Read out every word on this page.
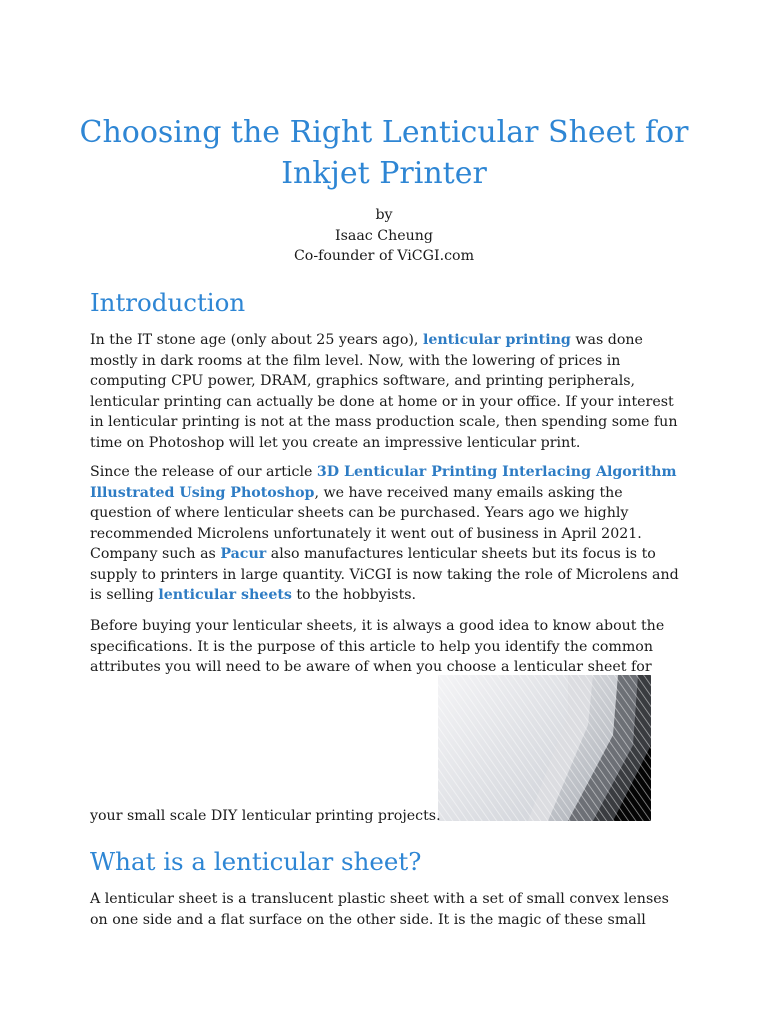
Choosing the Right Lenticular Sheet for Inkjet Printer
by
Isaac Cheung
Co-founder of ViCGI.com
Introduction

In the IT stone age (only about 25 years ago), lenticular printing was done mostly in dark rooms at the film level. Now, with the lowering of prices in computing CPU power, DRAM, graphics software, and printing peripherals, lenticular printing can actually be done at home or in your office. If your interest in lenticular printing is not at the mass production scale, then spending some fun time on Photoshop will let you create an impressive lenticular print.

Since the release of our article 3D Lenticular Printing Interlacing Algorithm Illustrated Using Photoshop, we have received many emails asking the question of where lenticular sheets can be purchased. Years ago we highly recommended Microlens unfortunately it went out of business in April 2021. Company such as Pacur also manufactures lenticular sheets but its focus is to supply to printers in large quantity. ViCGI is now taking the role of Microlens and is selling lenticular sheets to the hobbyists.

Before buying your lenticular sheets, it is always a good idea to know about the specifications. It is the purpose of this article to help you identify the common attributes you will need to be aware of when you choose a lenticular sheet for

your small scale DIY lenticular printing projects.

What is a lenticular sheet?

A lenticular sheet is a translucent plastic sheet with a set of small convex lenses on one side and a flat surface on the other side. It is the magic of these small
